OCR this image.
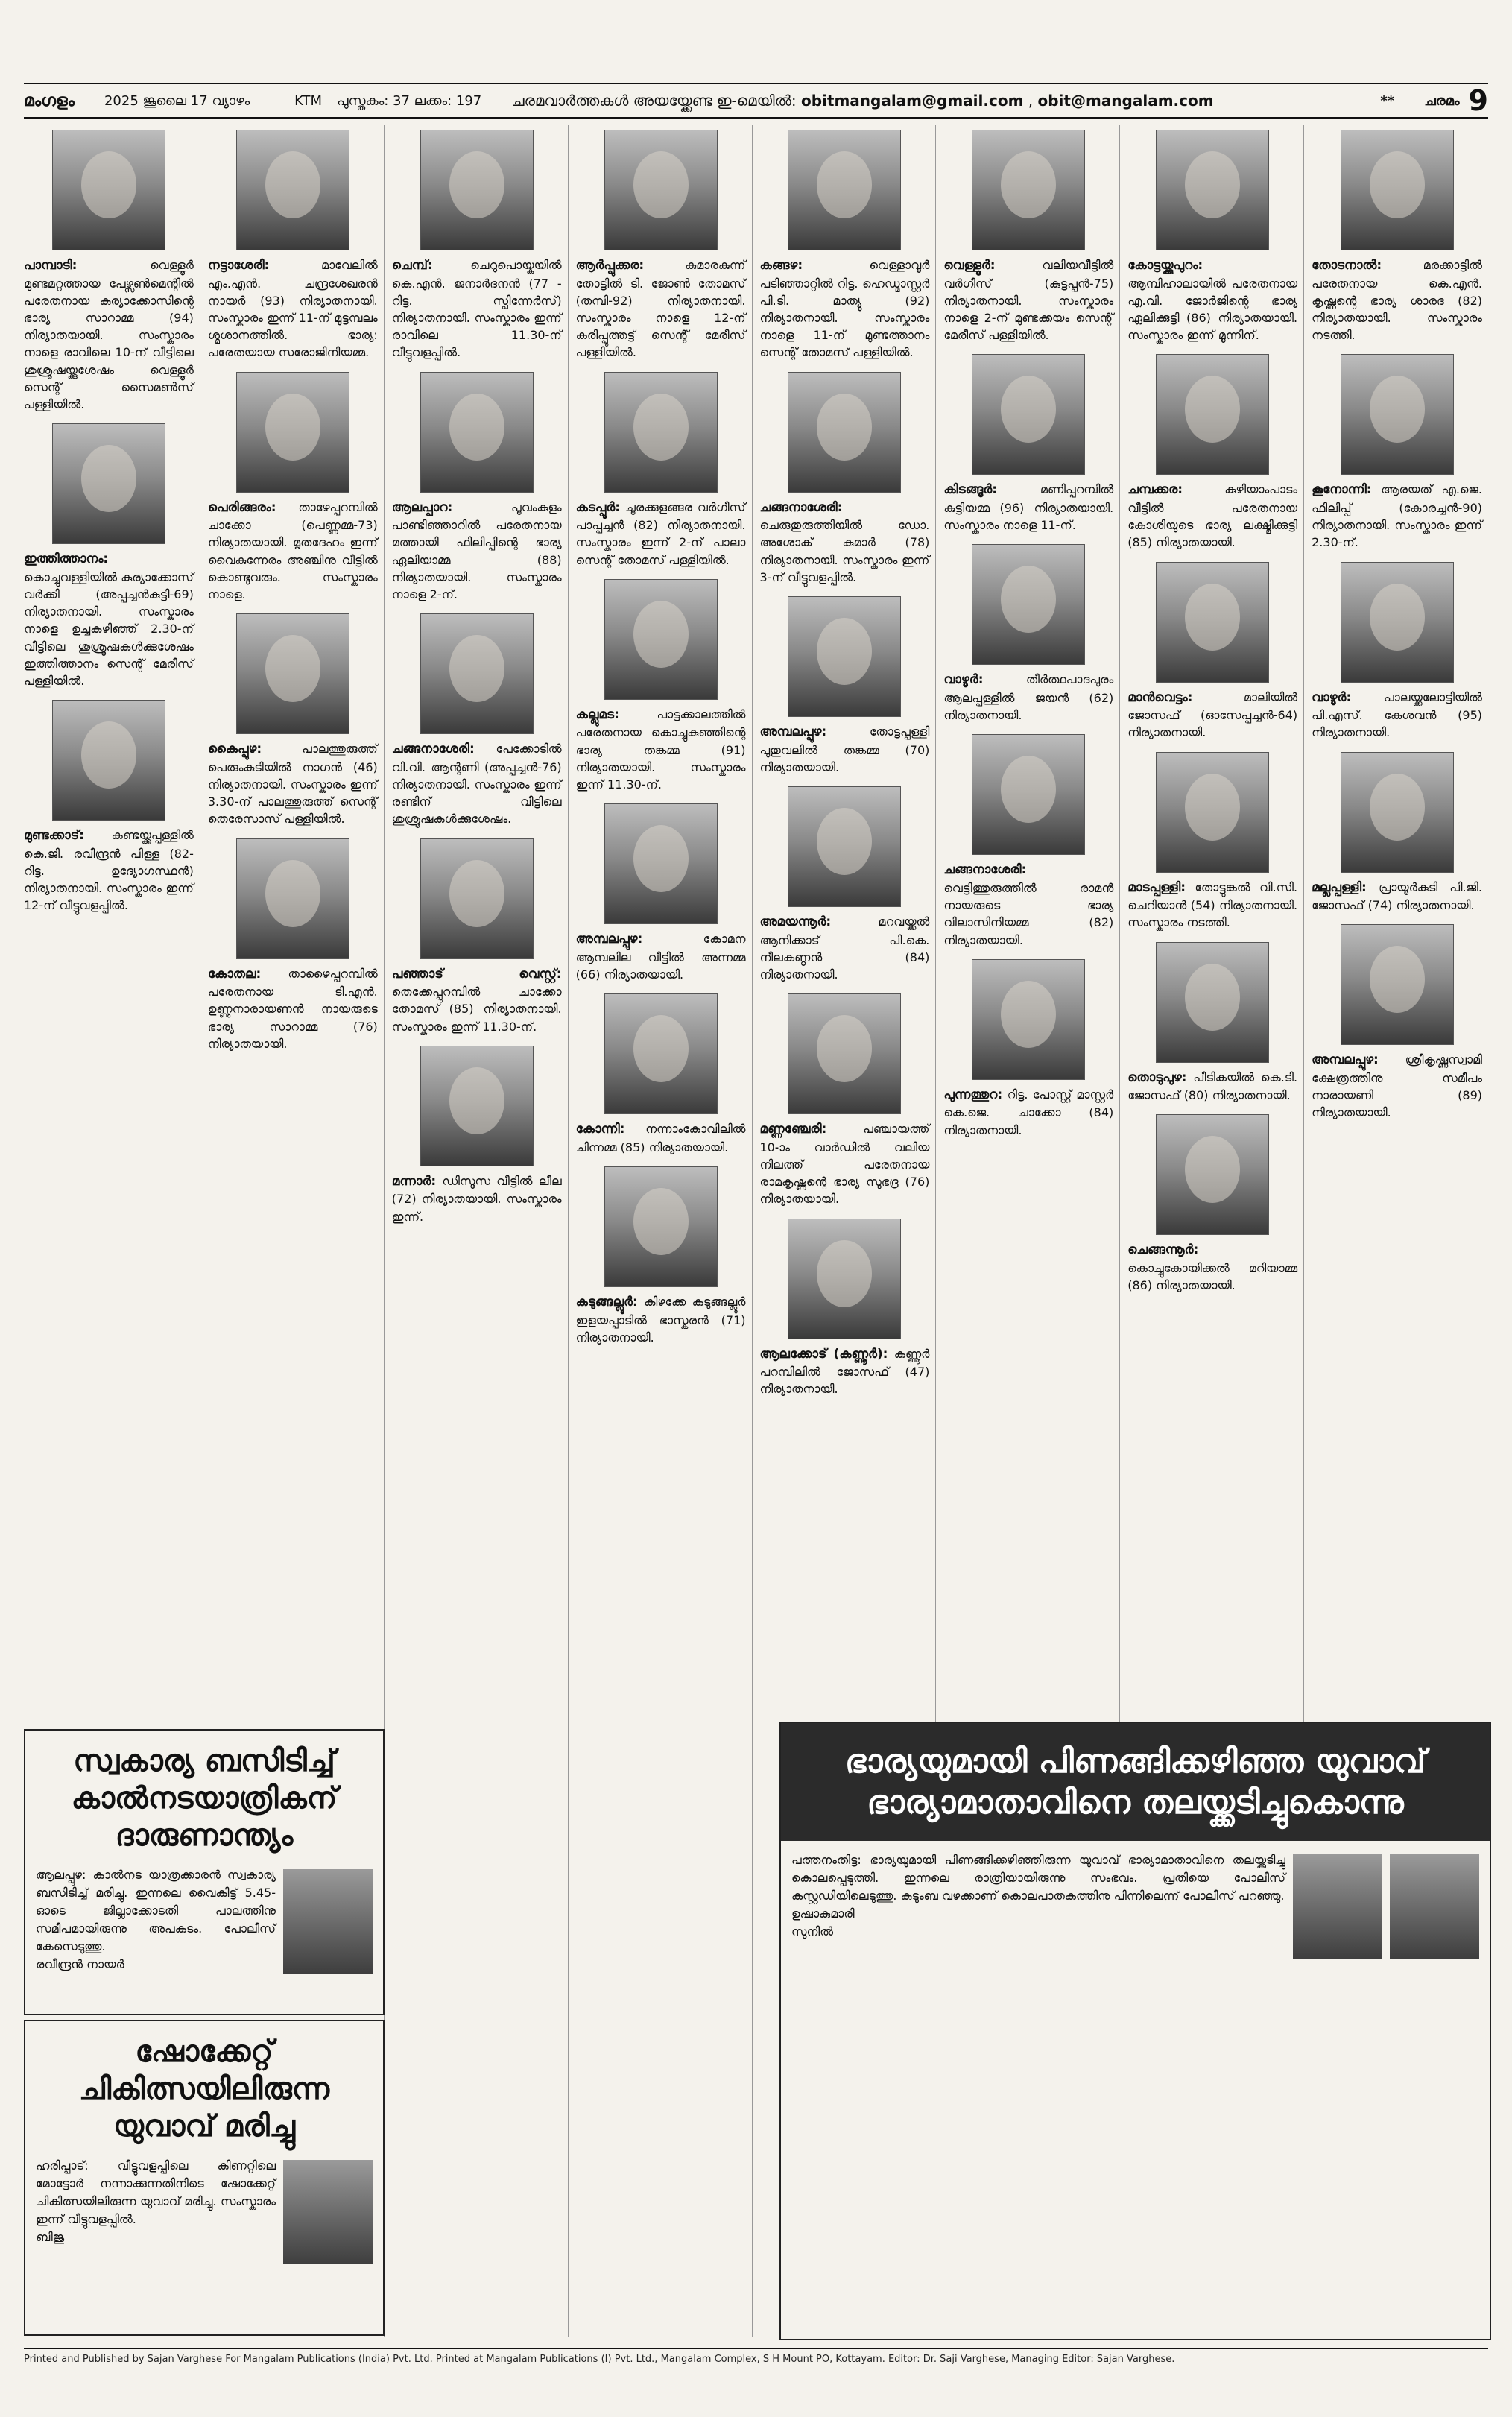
മംഗളം 2025 ജൂലൈ 17 വ്യാഴം	KTM പുസ്തകം: 37 ലക്കം: 197 ചരമവാർത്തകൾ അയയ്ക്കേണ്ട ഇ-മെയിൽ: obitmangalam@gmail.com , obit@mangalam.com	** ചരമം 9
പാമ്പാടി:	വെള്ളൂർ മുണ്ടമറ്റത്തായ പേഴ്സൺമെന്റിൽ പരേതനായ കുര്യാക്കോസിന്റെ ഭാര്യ സാറാമ്മ (94) നിര്യാതയായി. സംസ്കാരം നാളെ രാവിലെ 10-ന് വീട്ടിലെ ശുശ്രൂഷയ്ക്കുശേഷം വെള്ളൂർ സെന്റ് സൈമൺസ് പള്ളിയിൽ.
ഇത്തിത്താനം: കൊച്ചുവള്ളിയിൽ കുര്യാക്കോസ് വർക്കി (അപ്പച്ചൻകുട്ടി-69) നിര്യാതനായി. സംസ്കാരം നാളെ ഉച്ചകഴിഞ്ഞ് 2.30-ന് വീട്ടിലെ ശുശ്രൂഷകൾക്കുശേഷം ഇത്തിത്താനം സെന്റ് മേരീസ് പള്ളിയിൽ.
മുണ്ടക്കാട്: കണ്ടയ്ക്കപ്പള്ളിൽ കെ.ജി. രവീന്ദ്രൻ പിള്ള (82- റിട്ട. ഉദ്യോഗസ്ഥൻ) നിര്യാതനായി. സംസ്കാരം ഇന്ന് 12-ന് വീട്ടുവളപ്പിൽ.
നട്ടാശേരി:	മാവേലിൽ എം.എൻ. ചന്ദ്രശേഖരൻ നായർ (93) നിര്യാതനായി. സംസ്കാരം ഇന്ന് 11-ന് മുട്ടമ്പലം ശ്മശാനത്തിൽ. ഭാര്യ: പരേതയായ സരോജിനിയമ്മ.
പെരിങ്ങരം: താഴേപ്പറമ്പിൽ ചാക്കോ (പെണ്ണമ്മ-73) നിര്യാതയായി. മൃതദേഹം ഇന്ന് വൈകുന്നേരം അഞ്ചിനു വീട്ടിൽ കൊണ്ടുവരും. സംസ്കാരം നാളെ.
കൈപ്പുഴ:	പാലത്തുരുത്ത് പെരുംകുടിയിൽ നാഗൻ (46) നിര്യാതനായി. സംസ്കാരം ഇന്ന് 3.30-ന് പാലത്തുരുത്ത് സെന്റ് തെരേസാസ് പള്ളിയിൽ.
കോതല: താഴൈപ്പറമ്പിൽ പരേതനായ ടി.എൻ. ഉണ്ണുനാരായണൻ നായരുടെ ഭാര്യ സാറാമ്മ (76) നിര്യാതയായി.
ചെമ്പ്:	ചെറുപൊയ്കയിൽ കെ.എൻ. ജനാർദനൻ (77 - റിട്ട. സ്പിന്നേർസ്) നിര്യാതനായി. സംസ്കാരം ഇന്ന് രാവിലെ 11.30-ന് വീട്ടുവളപ്പിൽ.
ആലപ്പാറ:	പൂവംകുളം പാണ്ടിഞ്ഞാറിൽ പരേതനായ മത്തായി ഫിലിപ്പിന്റെ ഭാര്യ ഏലിയാമ്മ (88) നിര്യാതയായി. സംസ്കാരം നാളെ 2-ന്.
ചങ്ങനാശേരി: പേക്കോടിൽ വി.വി. ആന്റണി (അപ്പച്ചൻ-76) നിര്യാതനായി. സംസ്കാരം ഇന്ന് രണ്ടിന് വീട്ടിലെ ശുശ്രൂഷകൾക്കുശേഷം.
പഞ്ഞാട് വെസ്റ്റ്: തെക്കേപ്പുറമ്പിൽ ചാക്കോ തോമസ് (85) നിര്യാതനായി. സംസ്കാരം ഇന്ന് 11.30-ന്.
മന്നാർ: ഡിസൂസ വീട്ടിൽ ലീല (72) നിര്യാതയായി. സംസ്കാരം ഇന്ന്.
ആർപ്പുക്കര:	കുമാരകുന്ന് തോട്ടിൽ ടി. ജോൺ തോമസ് (തമ്പി-92) നിര്യാതനായി. സംസ്കാരം നാളെ 12-ന് കരിപ്പൂത്തട്ട് സെന്റ് മേരീസ് പള്ളിയിൽ.
കടപ്പൂർ: ചൂരക്കുളങ്ങര വർഗീസ് പാപ്പച്ചൻ (82) നിര്യാതനായി. സംസ്കാരം ഇന്ന് 2-ന് പാലാ സെന്റ് തോമസ് പള്ളിയിൽ.
കല്ലുമട:	പാട്ടക്കാലത്തിൽ പരേതനായ കൊച്ചുകുഞ്ഞിന്റെ ഭാര്യ തങ്കമ്മ (91) നിര്യാതയായി. സംസ്കാരം ഇന്ന് 11.30-ന്.
അമ്പലപ്പുഴ:	കോമന ആമ്പലില വീട്ടിൽ അന്നമ്മ (66) നിര്യാതയായി.
കോന്നി: നന്നാംകോവിലിൽ ചിന്നമ്മ (85) നിര്യാതയായി.
കടുങ്ങല്ലൂർ: കിഴക്കേ കടുങ്ങല്ലൂർ ഇളയപ്പാടിൽ ഭാസ്കരൻ (71) നിര്യാതനായി.
കങ്ങഴ:	വെള്ളാവൂർ പടിഞ്ഞാറ്റിൽ റിട്ട. ഹെഡ്മാസ്റ്റർ പി.ടി. മാത്യു (92) നിര്യാതനായി. സംസ്കാരം നാളെ 11-ന് മുണ്ടത്താനം സെന്റ് തോമസ് പള്ളിയിൽ.
ചങ്ങനാശേരി: ചെരുതുരുത്തിയിൽ ഡോ. അശോക് കുമാർ (78) നിര്യാതനായി. സംസ്കാരം ഇന്ന് 3-ന് വീട്ടുവളപ്പിൽ.
അമ്പലപ്പുഴ:	തോട്ടപ്പള്ളി പുതുവലിൽ തങ്കമ്മ (70) നിര്യാതയായി.
അമയന്നൂർ:	മറവയ്ക്കൽ ആനിക്കാട് പി.കെ. നീലകണ്ഠൻ (84) നിര്യാതനായി.
മണ്ണഞ്ചേരി:	പഞ്ചായത്ത് 10-ാം വാർഡിൽ വലിയ നിലത്ത് പരേതനായ രാമകൃഷ്ണന്റെ ഭാര്യ സുഭദ്ര (76) നിര്യാതയായി.
ആലക്കോട് (കണ്ണൂർ): കണ്ണൂർ പറമ്പിലിൽ ജോസഫ് (47) നിര്യാതനായി.
വെള്ളൂർ:	വലിയവീട്ടിൽ വർഗീസ് (കുട്ടപ്പൻ-75) നിര്യാതനായി. സംസ്കാരം നാളെ 2-ന് മുണ്ടക്കയം സെന്റ് മേരീസ് പള്ളിയിൽ.
കിടങ്ങൂർ:	മണിപ്പറമ്പിൽ കുട്ടിയമ്മ (96) നിര്യാതയായി. സംസ്കാരം നാളെ 11-ന്.
വാഴൂർ:	തീർത്ഥപാദപുരം ആലപ്പള്ളിൽ ജയൻ (62) നിര്യാതനായി.
ചങ്ങനാശേരി: വെട്ടിത്തുരുത്തിൽ രാമൻ നായരുടെ ഭാര്യ വിലാസിനിയമ്മ (82) നിര്യാതയായി.
പുന്നത്തുറ: റിട്ട. പോസ്റ്റ് മാസ്റ്റർ കെ.ജെ. ചാക്കോ (84) നിര്യാതനായി.
കോട്ടയ്ക്കുപുറം: ആമ്പിഹാലായിൽ പരേതനായ എ.വി. ജോർജിന്റെ ഭാര്യ ഏലിക്കുട്ടി (86) നിര്യാതയായി. സംസ്കാരം ഇന്ന് മൂന്നിന്.
ചമ്പക്കര:	കുഴിയാംപാടം വീട്ടിൽ പരേതനായ കോശിയുടെ ഭാര്യ ലക്ഷ്മിക്കുട്ടി (85) നിര്യാതയായി.
മാൻവെട്ടം:	മാലിയിൽ ജോസഫ് (ഓസേപ്പച്ചൻ-64) നിര്യാതനായി.
മാടപ്പള്ളി: തോട്ടുങ്കൽ വി.സി. ചെറിയാൻ (54) നിര്യാതനായി. സംസ്കാരം നടത്തി.
തൊടുപുഴ: പീടികയിൽ കെ.ടി. ജോസഫ് (80) നിര്യാതനായി.
ചെങ്ങന്നൂർ: കൊച്ചുകോയിക്കൽ മറിയാമ്മ (86) നിര്യാതയായി.
തോടനാൽ:	മരക്കാട്ടിൽ പരേതനായ കെ.എൻ. കൃഷ്ണന്റെ ഭാര്യ ശാരദ (82) നിര്യാതയായി. സംസ്കാരം നടത്തി.
കൂനോന്നി: ആരയത് എ.ജെ. ഫിലിപ്പ് (കോരച്ചൻ-90) നിര്യാതനായി. സംസ്കാരം ഇന്ന് 2.30-ന്.
വാഴൂർ:	പാലയ്ക്കലോട്ടിയിൽ പി.എസ്. കേശവൻ (95) നിര്യാതനായി.
മല്ലപ്പള്ളി: പ്രായൂർകുടി പി.ജി. ജോസഫ് (74) നിര്യാതനായി.
അമ്പലപ്പുഴ: ശ്രീകൃഷ്ണസ്വാമി ക്ഷേത്രത്തിനു സമീപം നാരായണി (89) നിര്യാതയായി.
സ്വകാര്യ ബസിടിച്ച് കാൽനടയാത്രികന് ദാരുണാന്ത്യം
ആലപ്പുഴ: കാൽനട യാത്രക്കാരൻ സ്വകാര്യ ബസിടിച്ച് മരിച്ചു. ഇന്നലെ വൈകിട്ട് 5.45-ഓടെ ജില്ലാക്കോടതി പാലത്തിനു സമീപമായിരുന്നു അപകടം. പോലീസ് കേസെടുത്തു.
രവീന്ദ്രൻ നായർ
ഷോക്കേറ്റ് ചികിത്സയിലിരുന്ന യുവാവ് മരിച്ചു
ഹരിപ്പാട്: വീട്ടുവളപ്പിലെ കിണറ്റിലെ മോട്ടോർ നന്നാക്കുന്നതിനിടെ ഷോക്കേറ്റ് ചികിത്സയിലിരുന്ന യുവാവ് മരിച്ചു. സംസ്കാരം ഇന്ന് വീട്ടുവളപ്പിൽ.
ബിജു
ഭാര്യയുമായി പിണങ്ങിക്കഴിഞ്ഞ യുവാവ് ഭാര്യാമാതാവിനെ തലയ്ക്കടിച്ചുകൊന്നു
പത്തനംതിട്ട: ഭാര്യയുമായി പിണങ്ങിക്കഴിഞ്ഞിരുന്ന യുവാവ് ഭാര്യാമാതാവിനെ തലയ്ക്കടിച്ചു കൊലപ്പെടുത്തി. ഇന്നലെ രാത്രിയായിരുന്നു സംഭവം. പ്രതിയെ പോലീസ് കസ്റ്റഡിയിലെടുത്തു. കുടുംബ വഴക്കാണ് കൊലപാതകത്തിനു പിന്നിലെന്ന് പോലീസ് പറഞ്ഞു.
ഉഷാകുമാരി
സുനിൽ
Printed and Published by Sajan Varghese For Mangalam Publications (India) Pvt. Ltd. Printed at Mangalam Publications (I) Pvt. Ltd., Mangalam Complex, S H Mount PO, Kottayam. Editor: Dr. Saji Varghese, Managing Editor: Sajan Varghese.
